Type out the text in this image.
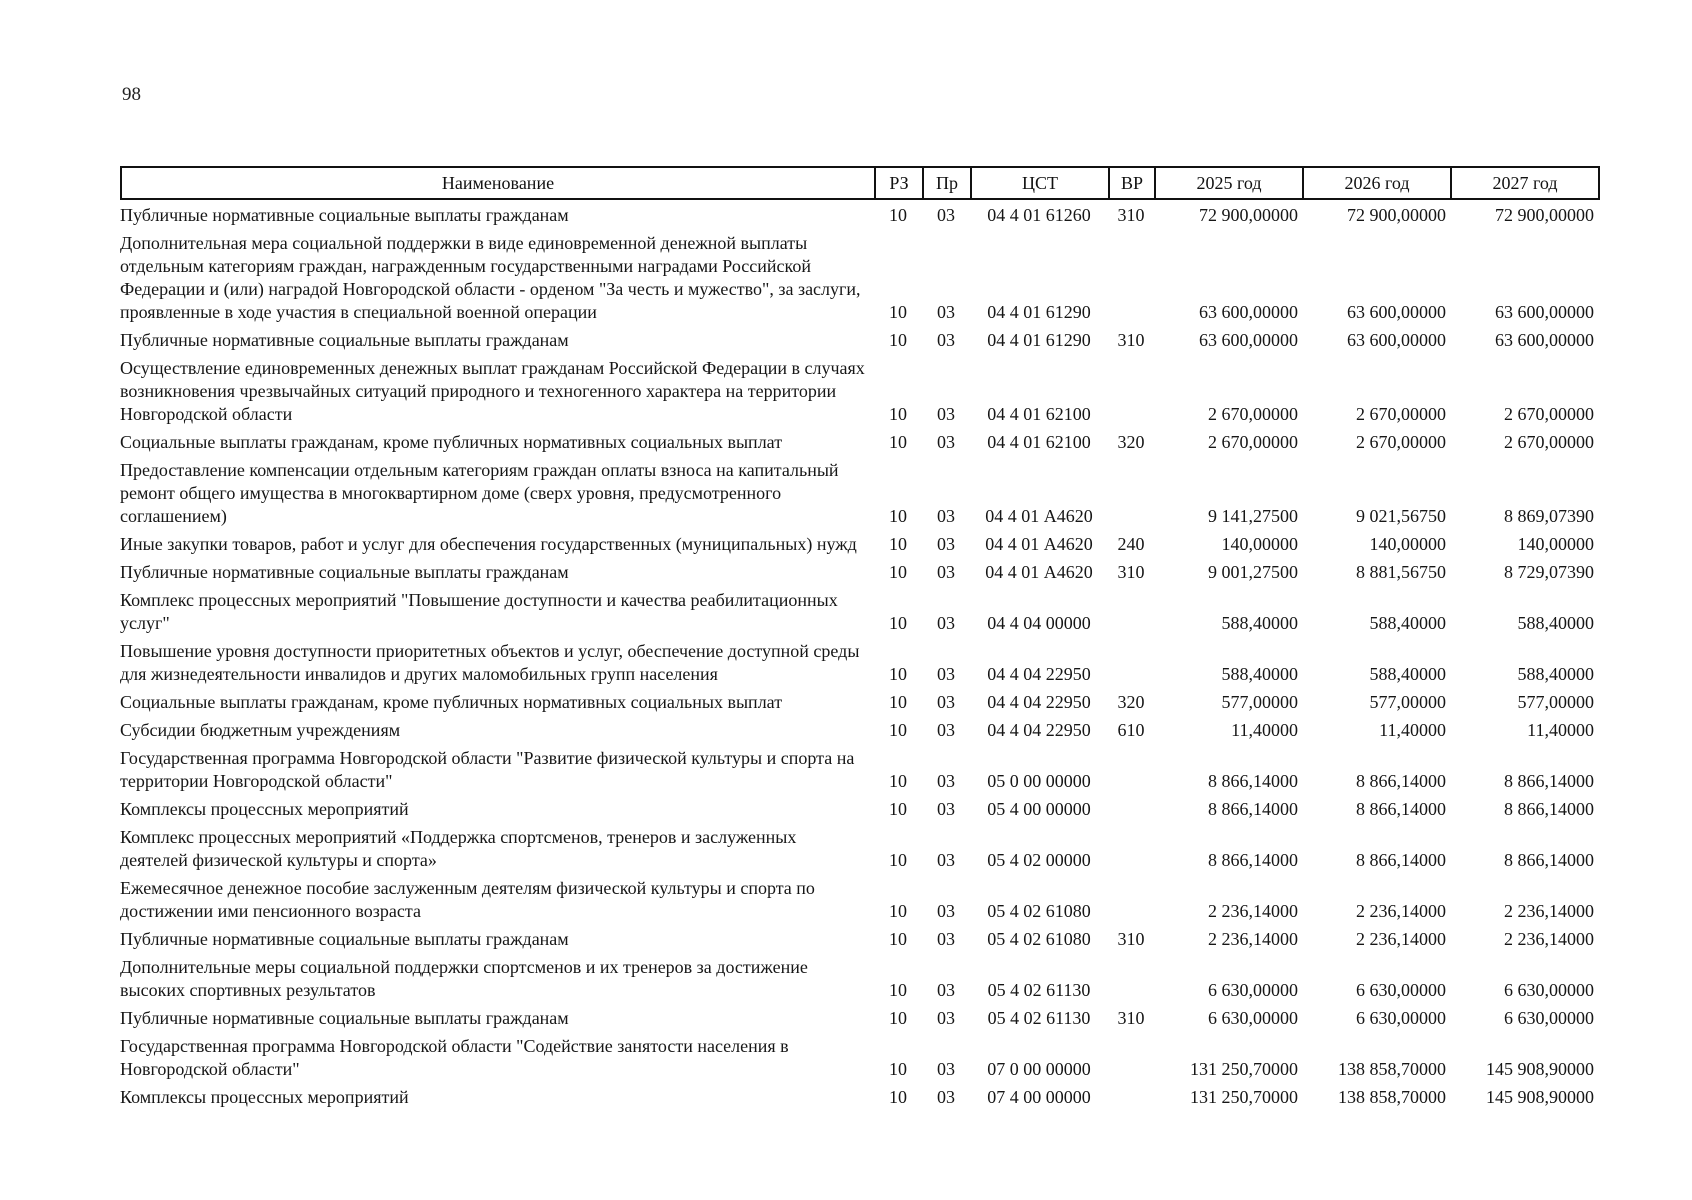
98
Наименование	РЗ	Пр	ЦСТ	ВР	2025 год	2026 год	2027 год
Публичные нормативные социальные выплаты гражданам	10	03	04 4 01 61260	310	72 900,00000	72 900,00000	72 900,00000
Дополнительная мера социальной поддержки в виде единовременной денежной выплаты отдельным категориям граждан, награжденным государственными наградами Российской Федерации и (или) наградой Новгородской области - орденом "За честь и мужество", за заслуги, проявленные в ходе участия в специальной военной операции	10	03	04 4 01 61290		63 600,00000	63 600,00000	63 600,00000
Публичные нормативные социальные выплаты гражданам	10	03	04 4 01 61290	310	63 600,00000	63 600,00000	63 600,00000
Осуществление единовременных денежных выплат гражданам Российской Федерации в случаях возникновения чрезвычайных ситуаций природного и техногенного характера на территории Новгородской области	10	03	04 4 01 62100		2 670,00000	2 670,00000	2 670,00000
Социальные выплаты гражданам, кроме публичных нормативных социальных выплат	10	03	04 4 01 62100	320	2 670,00000	2 670,00000	2 670,00000
Предоставление компенсации отдельным категориям граждан оплаты взноса на капитальный ремонт общего имущества в многоквартирном доме (сверх уровня, предусмотренного соглашением)	10	03	04 4 01 А4620		9 141,27500	9 021,56750	8 869,07390
Иные закупки товаров, работ и услуг для обеспечения государственных (муниципальных) нужд	10	03	04 4 01 А4620	240	140,00000	140,00000	140,00000
Публичные нормативные социальные выплаты гражданам	10	03	04 4 01 А4620	310	9 001,27500	8 881,56750	8 729,07390
Комплекс процессных мероприятий "Повышение доступности и качества реабилитационных услуг"	10	03	04 4 04 00000		588,40000	588,40000	588,40000
Повышение уровня доступности приоритетных объектов и услуг, обеспечение доступной среды для жизнедеятельности инвалидов и других маломобильных групп населения	10	03	04 4 04 22950		588,40000	588,40000	588,40000
Социальные выплаты гражданам, кроме публичных нормативных социальных выплат	10	03	04 4 04 22950	320	577,00000	577,00000	577,00000
Субсидии бюджетным учреждениям	10	03	04 4 04 22950	610	11,40000	11,40000	11,40000
Государственная программа Новгородской области "Развитие физической культуры и спорта на территории Новгородской области"	10	03	05 0 00 00000		8 866,14000	8 866,14000	8 866,14000
Комплексы процессных мероприятий	10	03	05 4 00 00000		8 866,14000	8 866,14000	8 866,14000
Комплекс процессных мероприятий «Поддержка спортсменов, тренеров и заслуженных деятелей физической культуры и спорта»	10	03	05 4 02 00000		8 866,14000	8 866,14000	8 866,14000
Ежемесячное денежное пособие заслуженным деятелям физической культуры и спорта по достижении ими пенсионного возраста	10	03	05 4 02 61080		2 236,14000	2 236,14000	2 236,14000
Публичные нормативные социальные выплаты гражданам	10	03	05 4 02 61080	310	2 236,14000	2 236,14000	2 236,14000
Дополнительные меры социальной поддержки спортсменов и их тренеров за достижение высоких спортивных результатов	10	03	05 4 02 61130		6 630,00000	6 630,00000	6 630,00000
Публичные нормативные социальные выплаты гражданам	10	03	05 4 02 61130	310	6 630,00000	6 630,00000	6 630,00000
Государственная программа Новгородской области "Содействие занятости населения в Новгородской области"	10	03	07 0 00 00000		131 250,70000	138 858,70000	145 908,90000
Комплексы процессных мероприятий	10	03	07 4 00 00000		131 250,70000	138 858,70000	145 908,90000
